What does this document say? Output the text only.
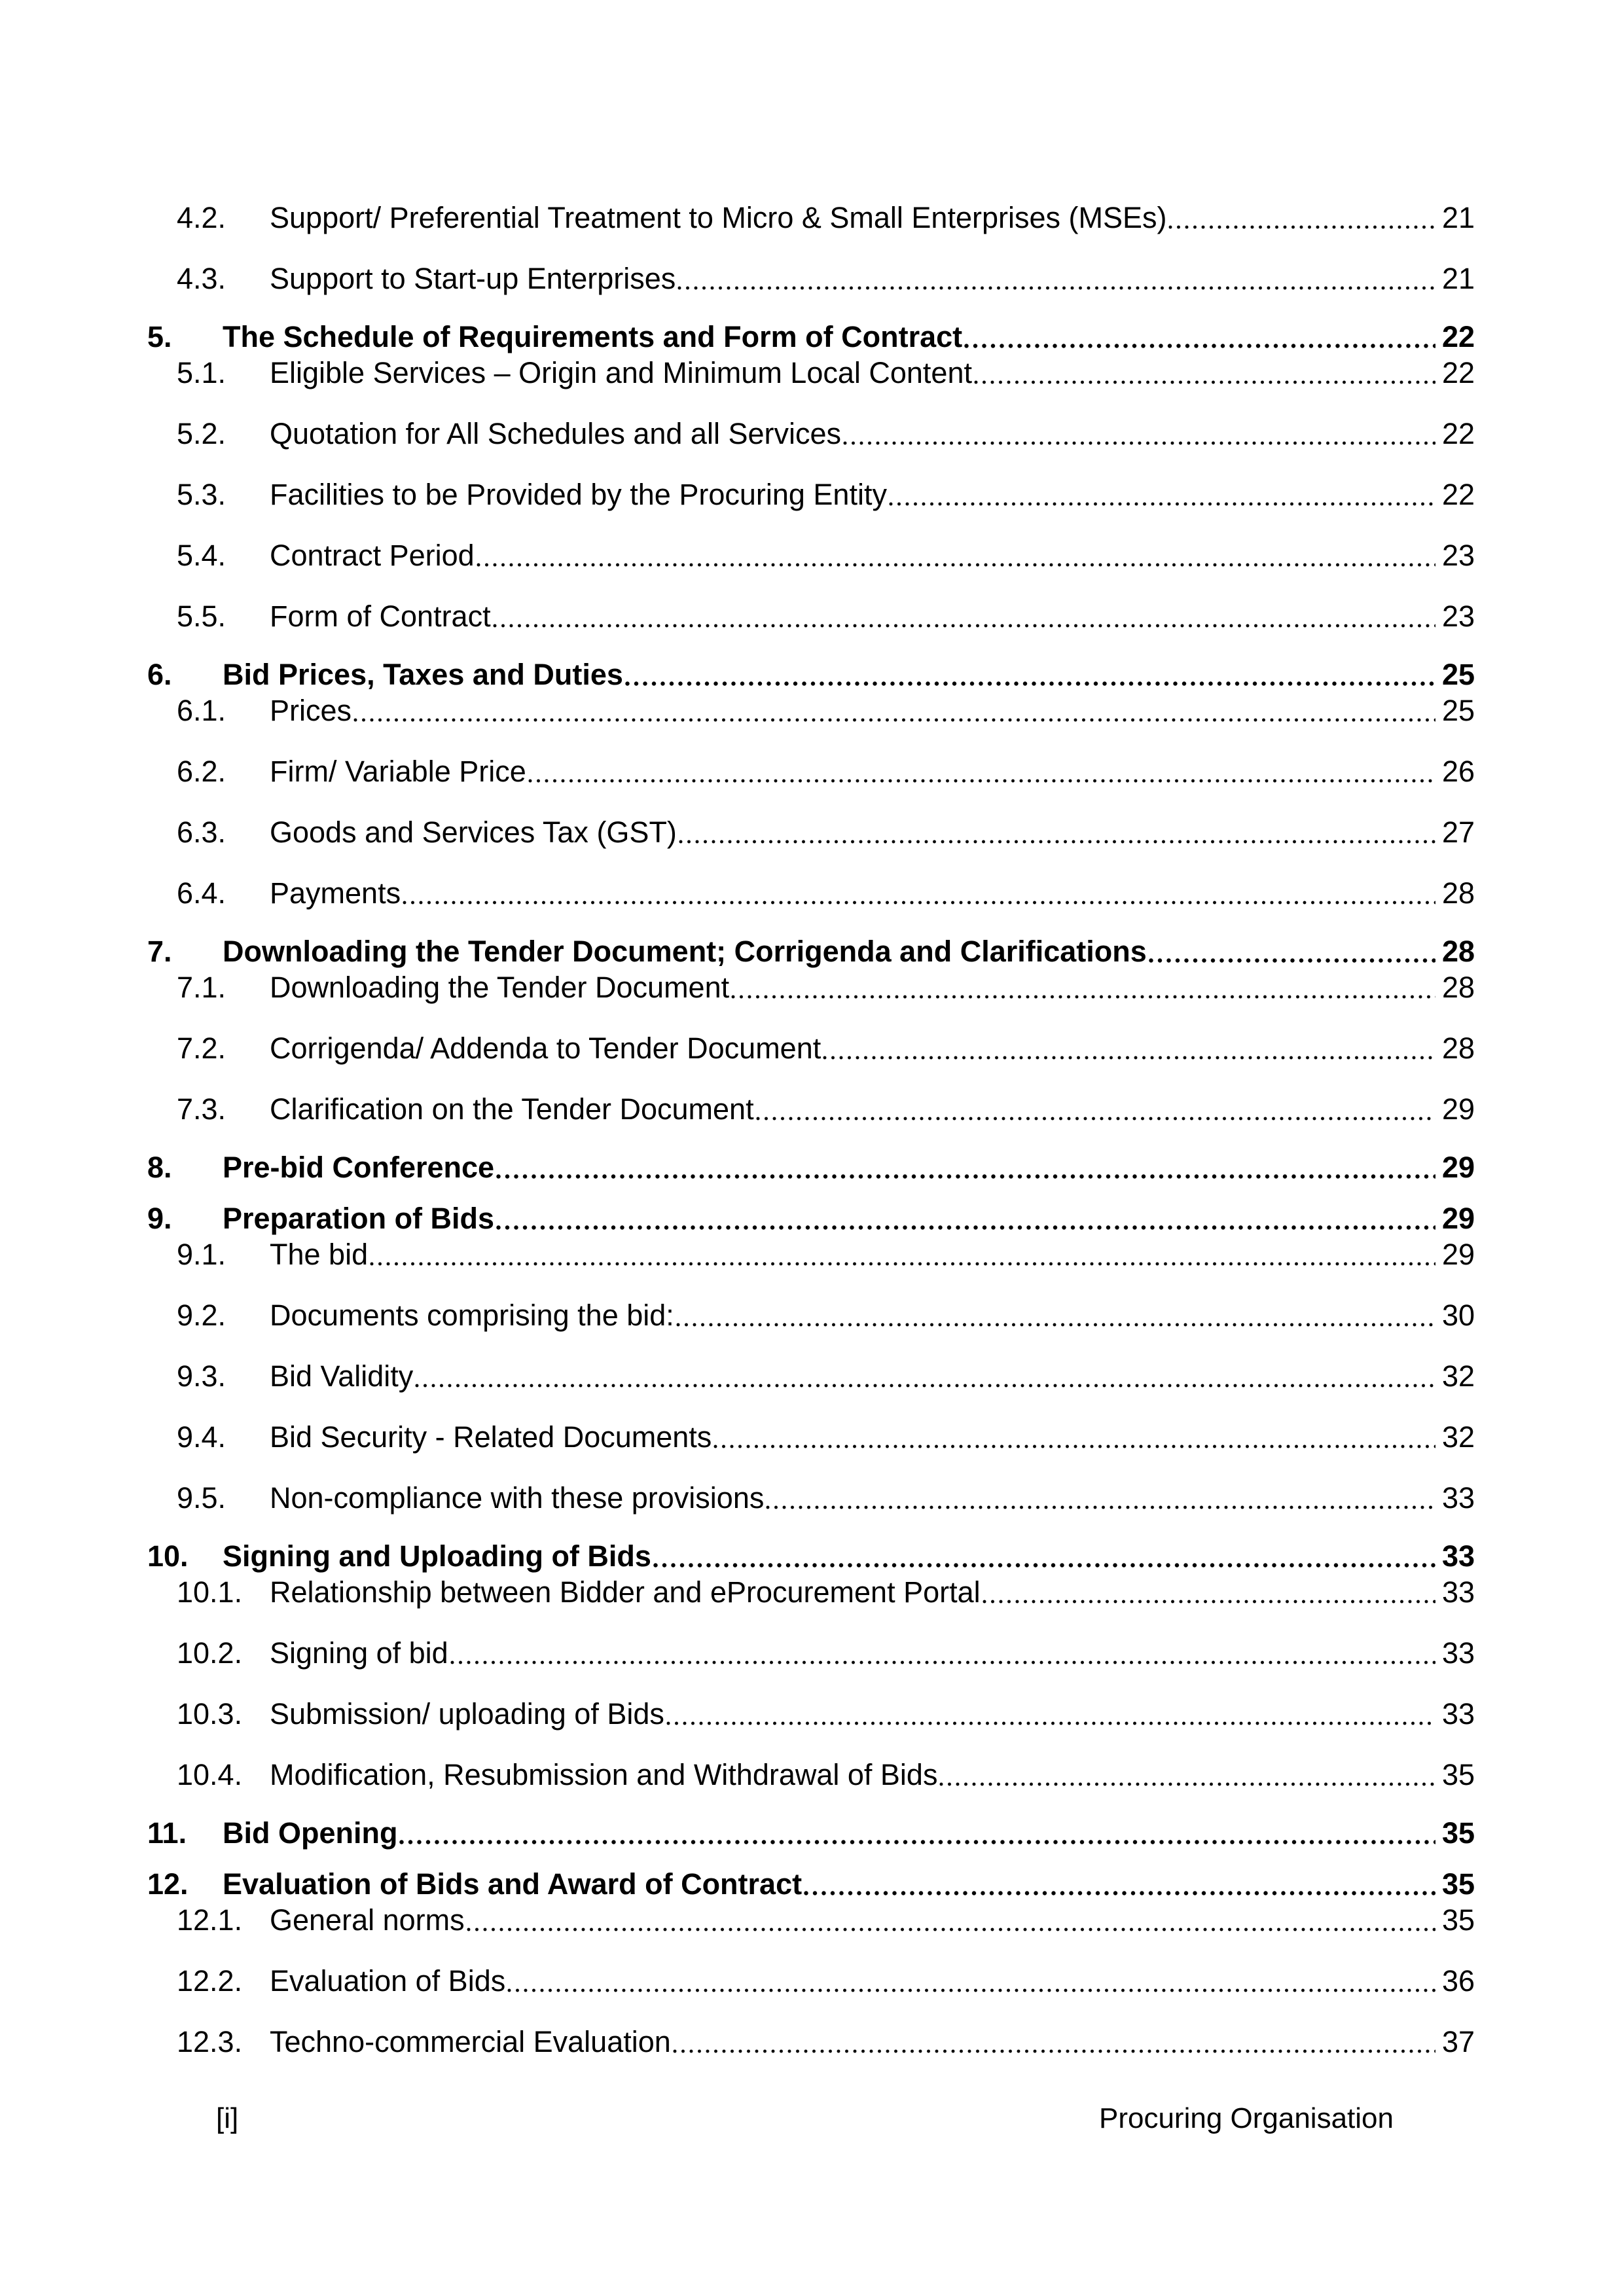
4.2.	Support/ Preferential Treatment to Micro & Small Enterprises (MSEs)	21
4.3.	Support to Start-up Enterprises	21
5.	The Schedule of Requirements and Form of Contract	22
5.1.	Eligible Services – Origin and Minimum Local Content	22
5.2.	Quotation for All Schedules and all Services	22
5.3.	Facilities to be Provided by the Procuring Entity	22
5.4.	Contract Period	23
5.5.	Form of Contract	23
6.	Bid Prices, Taxes and Duties	25
6.1.	Prices	25
6.2.	Firm/ Variable Price	26
6.3.	Goods and Services Tax (GST)	27
6.4.	Payments	28
7.	Downloading the Tender Document; Corrigenda and Clarifications	28
7.1.	Downloading the Tender Document	28
7.2.	Corrigenda/ Addenda to Tender Document	28
7.3.	Clarification on the Tender Document	29
8.	Pre-bid Conference	29
9.	Preparation of Bids	29
9.1.	The bid	29
9.2.	Documents comprising the bid:	30
9.3.	Bid Validity	32
9.4.	Bid Security - Related Documents	32
9.5.	Non-compliance with these provisions	33
10.	Signing and Uploading of Bids	33
10.1. Relationship between Bidder and eProcurement Portal	33
10.2. Signing of bid	33
10.3. Submission/ uploading of Bids	33
10.4. Modification, Resubmission and Withdrawal of Bids	35
11.	Bid Opening	35
12.	Evaluation of Bids and Award of Contract	35
12.1. General norms	35
12.2. Evaluation of Bids	36
12.3. Techno-commercial Evaluation	37
[i]	Procuring Organisation
